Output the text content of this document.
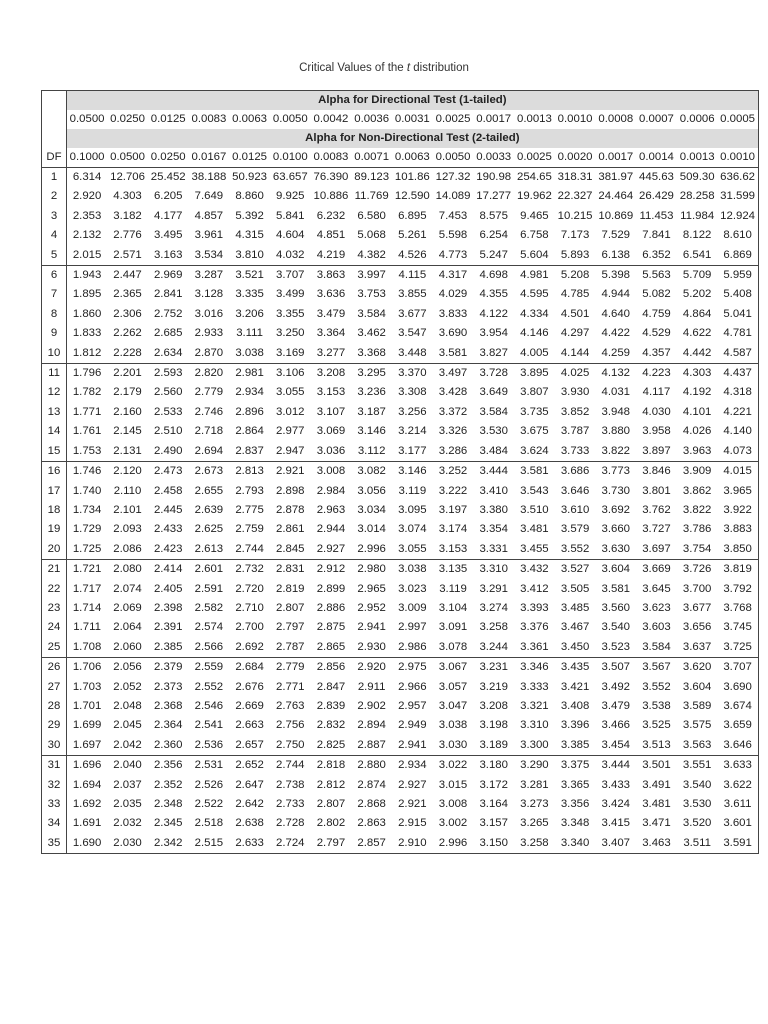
Critical Values of the t distribution
	Alpha for Directional Test (1-tailed)																
	0.0500	0.0250	0.0125	0.0083	0.0063	0.0050	0.0042	0.0036	0.0031	0.0025	0.0017	0.0013	0.0010	0.0008	0.0007	0.0006	0.0005
	Alpha for Non-Directional Test (2-tailed)																
DF	0.1000	0.0500	0.0250	0.0167	0.0125	0.0100	0.0083	0.0071	0.0063	0.0050	0.0033	0.0025	0.0020	0.0017	0.0014	0.0013	0.0010
1	6.314	12.706	25.452	38.188	50.923	63.657	76.390	89.123	101.86	127.32	190.98	254.65	318.31	381.97	445.63	509.30	636.62
2	2.920	4.303	6.205	7.649	8.860	9.925	10.886	11.769	12.590	14.089	17.277	19.962	22.327	24.464	26.429	28.258	31.599
3	2.353	3.182	4.177	4.857	5.392	5.841	6.232	6.580	6.895	7.453	8.575	9.465	10.215	10.869	11.453	11.984	12.924
4	2.132	2.776	3.495	3.961	4.315	4.604	4.851	5.068	5.261	5.598	6.254	6.758	7.173	7.529	7.841	8.122	8.610
5	2.015	2.571	3.163	3.534	3.810	4.032	4.219	4.382	4.526	4.773	5.247	5.604	5.893	6.138	6.352	6.541	6.869
6	1.943	2.447	2.969	3.287	3.521	3.707	3.863	3.997	4.115	4.317	4.698	4.981	5.208	5.398	5.563	5.709	5.959
7	1.895	2.365	2.841	3.128	3.335	3.499	3.636	3.753	3.855	4.029	4.355	4.595	4.785	4.944	5.082	5.202	5.408
8	1.860	2.306	2.752	3.016	3.206	3.355	3.479	3.584	3.677	3.833	4.122	4.334	4.501	4.640	4.759	4.864	5.041
9	1.833	2.262	2.685	2.933	3.111	3.250	3.364	3.462	3.547	3.690	3.954	4.146	4.297	4.422	4.529	4.622	4.781
10	1.812	2.228	2.634	2.870	3.038	3.169	3.277	3.368	3.448	3.581	3.827	4.005	4.144	4.259	4.357	4.442	4.587
11	1.796	2.201	2.593	2.820	2.981	3.106	3.208	3.295	3.370	3.497	3.728	3.895	4.025	4.132	4.223	4.303	4.437
12	1.782	2.179	2.560	2.779	2.934	3.055	3.153	3.236	3.308	3.428	3.649	3.807	3.930	4.031	4.117	4.192	4.318
13	1.771	2.160	2.533	2.746	2.896	3.012	3.107	3.187	3.256	3.372	3.584	3.735	3.852	3.948	4.030	4.101	4.221
14	1.761	2.145	2.510	2.718	2.864	2.977	3.069	3.146	3.214	3.326	3.530	3.675	3.787	3.880	3.958	4.026	4.140
15	1.753	2.131	2.490	2.694	2.837	2.947	3.036	3.112	3.177	3.286	3.484	3.624	3.733	3.822	3.897	3.963	4.073
16	1.746	2.120	2.473	2.673	2.813	2.921	3.008	3.082	3.146	3.252	3.444	3.581	3.686	3.773	3.846	3.909	4.015
17	1.740	2.110	2.458	2.655	2.793	2.898	2.984	3.056	3.119	3.222	3.410	3.543	3.646	3.730	3.801	3.862	3.965
18	1.734	2.101	2.445	2.639	2.775	2.878	2.963	3.034	3.095	3.197	3.380	3.510	3.610	3.692	3.762	3.822	3.922
19	1.729	2.093	2.433	2.625	2.759	2.861	2.944	3.014	3.074	3.174	3.354	3.481	3.579	3.660	3.727	3.786	3.883
20	1.725	2.086	2.423	2.613	2.744	2.845	2.927	2.996	3.055	3.153	3.331	3.455	3.552	3.630	3.697	3.754	3.850
21	1.721	2.080	2.414	2.601	2.732	2.831	2.912	2.980	3.038	3.135	3.310	3.432	3.527	3.604	3.669	3.726	3.819
22	1.717	2.074	2.405	2.591	2.720	2.819	2.899	2.965	3.023	3.119	3.291	3.412	3.505	3.581	3.645	3.700	3.792
23	1.714	2.069	2.398	2.582	2.710	2.807	2.886	2.952	3.009	3.104	3.274	3.393	3.485	3.560	3.623	3.677	3.768
24	1.711	2.064	2.391	2.574	2.700	2.797	2.875	2.941	2.997	3.091	3.258	3.376	3.467	3.540	3.603	3.656	3.745
25	1.708	2.060	2.385	2.566	2.692	2.787	2.865	2.930	2.986	3.078	3.244	3.361	3.450	3.523	3.584	3.637	3.725
26	1.706	2.056	2.379	2.559	2.684	2.779	2.856	2.920	2.975	3.067	3.231	3.346	3.435	3.507	3.567	3.620	3.707
27	1.703	2.052	2.373	2.552	2.676	2.771	2.847	2.911	2.966	3.057	3.219	3.333	3.421	3.492	3.552	3.604	3.690
28	1.701	2.048	2.368	2.546	2.669	2.763	2.839	2.902	2.957	3.047	3.208	3.321	3.408	3.479	3.538	3.589	3.674
29	1.699	2.045	2.364	2.541	2.663	2.756	2.832	2.894	2.949	3.038	3.198	3.310	3.396	3.466	3.525	3.575	3.659
30	1.697	2.042	2.360	2.536	2.657	2.750	2.825	2.887	2.941	3.030	3.189	3.300	3.385	3.454	3.513	3.563	3.646
31	1.696	2.040	2.356	2.531	2.652	2.744	2.818	2.880	2.934	3.022	3.180	3.290	3.375	3.444	3.501	3.551	3.633
32	1.694	2.037	2.352	2.526	2.647	2.738	2.812	2.874	2.927	3.015	3.172	3.281	3.365	3.433	3.491	3.540	3.622
33	1.692	2.035	2.348	2.522	2.642	2.733	2.807	2.868	2.921	3.008	3.164	3.273	3.356	3.424	3.481	3.530	3.611
34	1.691	2.032	2.345	2.518	2.638	2.728	2.802	2.863	2.915	3.002	3.157	3.265	3.348	3.415	3.471	3.520	3.601
35	1.690	2.030	2.342	2.515	2.633	2.724	2.797	2.857	2.910	2.996	3.150	3.258	3.340	3.407	3.463	3.511	3.591
